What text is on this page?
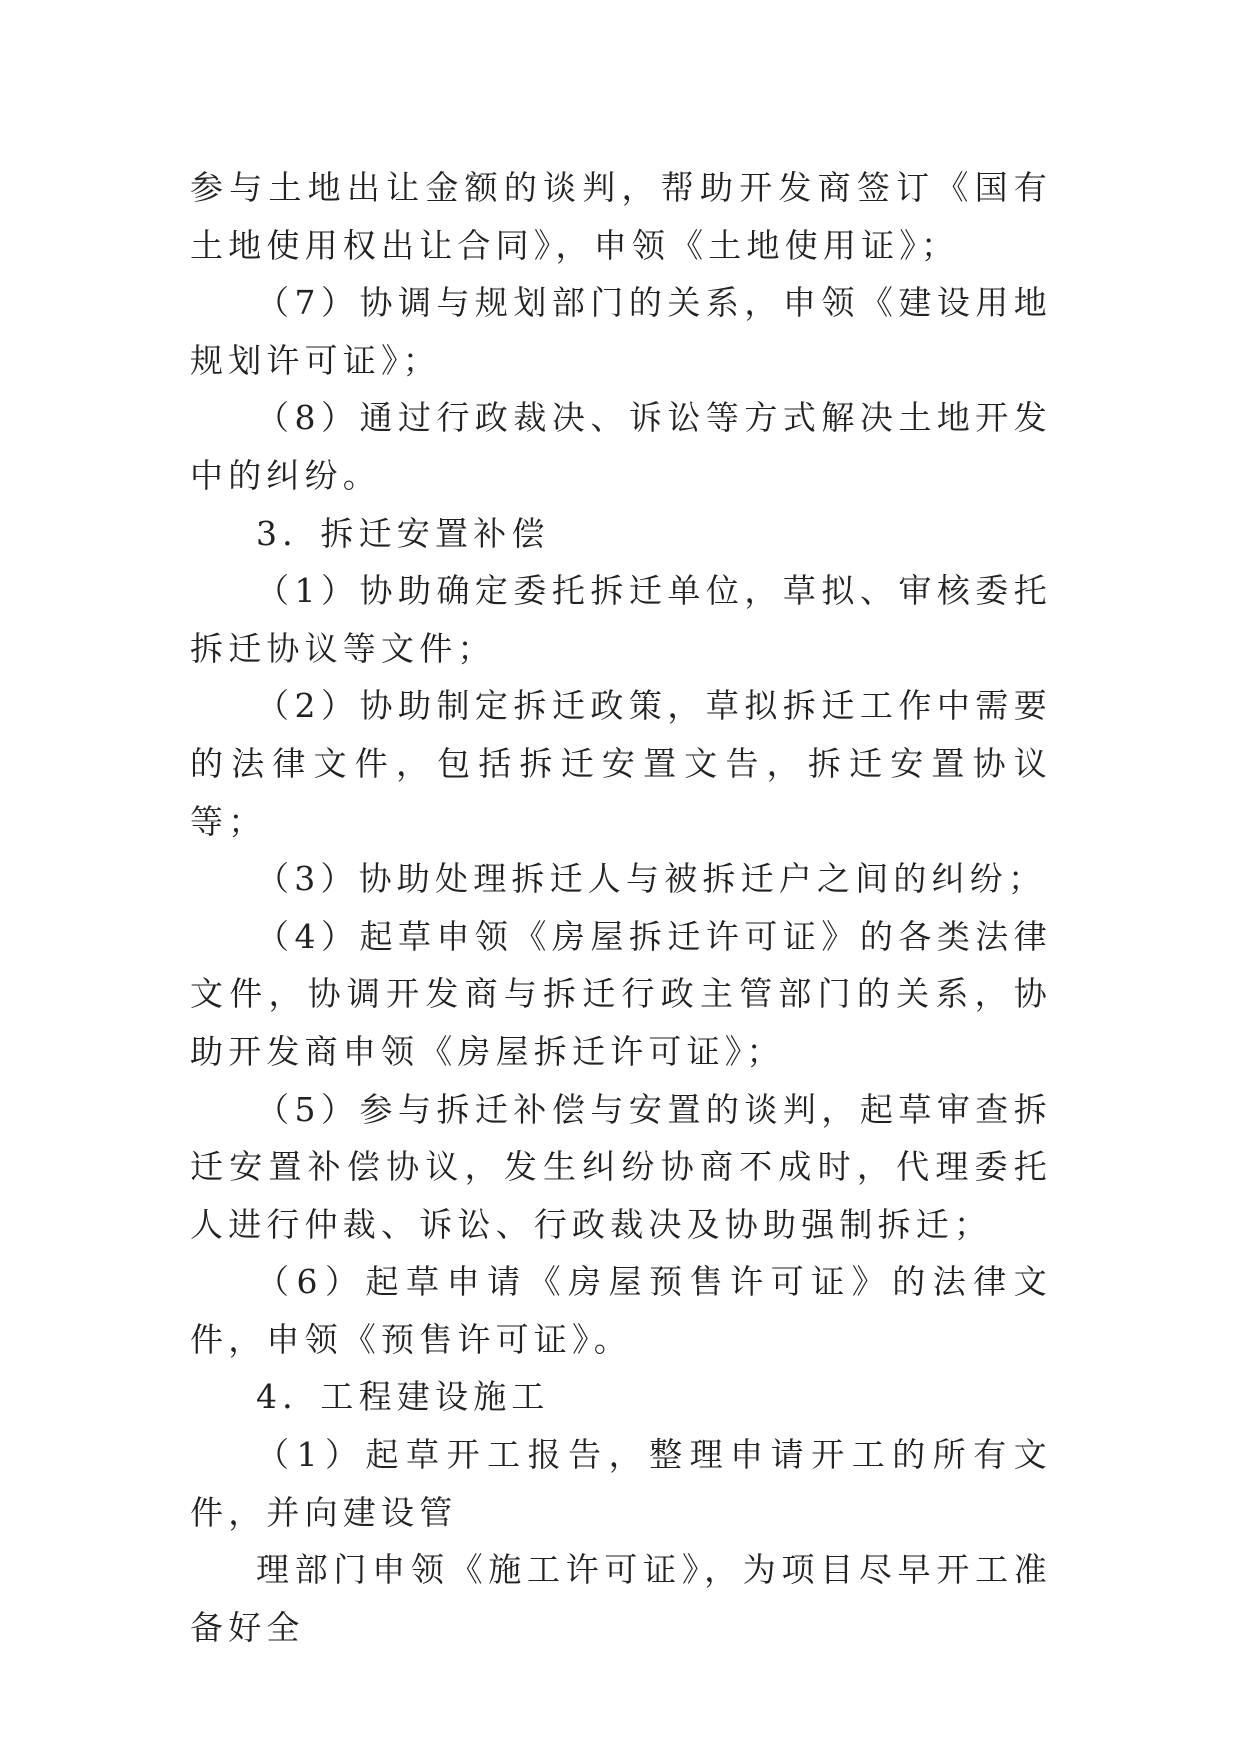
参与土地出让金额的谈判，帮助开发商签订《国有土地使用权出让合同》，申领《土地使用证》；

（7）协调与规划部门的关系，申领《建设用地规划许可证》；

（8）通过行政裁决、诉讼等方式解决土地开发中的纠纷。

3．拆迁安置补偿

（1）协助确定委托拆迁单位，草拟、审核委托拆迁协议等文件；

（2）协助制定拆迁政策，草拟拆迁工作中需要的法律文件，包括拆迁安置文告，拆迁安置协议等；

（3）协助处理拆迁人与被拆迁户之间的纠纷；

（4）起草申领《房屋拆迁许可证》的各类法律文件，协调开发商与拆迁行政主管部门的关系，协助开发商申领《房屋拆迁许可证》；

（5）参与拆迁补偿与安置的谈判，起草审查拆迁安置补偿协议，发生纠纷协商不成时，代理委托人进行仲裁、诉讼、行政裁决及协助强制拆迁；

（6）起草申请《房屋预售许可证》的法律文件，申领《预售许可证》。

4．工程建设施工

（1）起草开工报告，整理申请开工的所有文件，并向建设管

理部门申领《施工许可证》，为项目尽早开工准备好全
